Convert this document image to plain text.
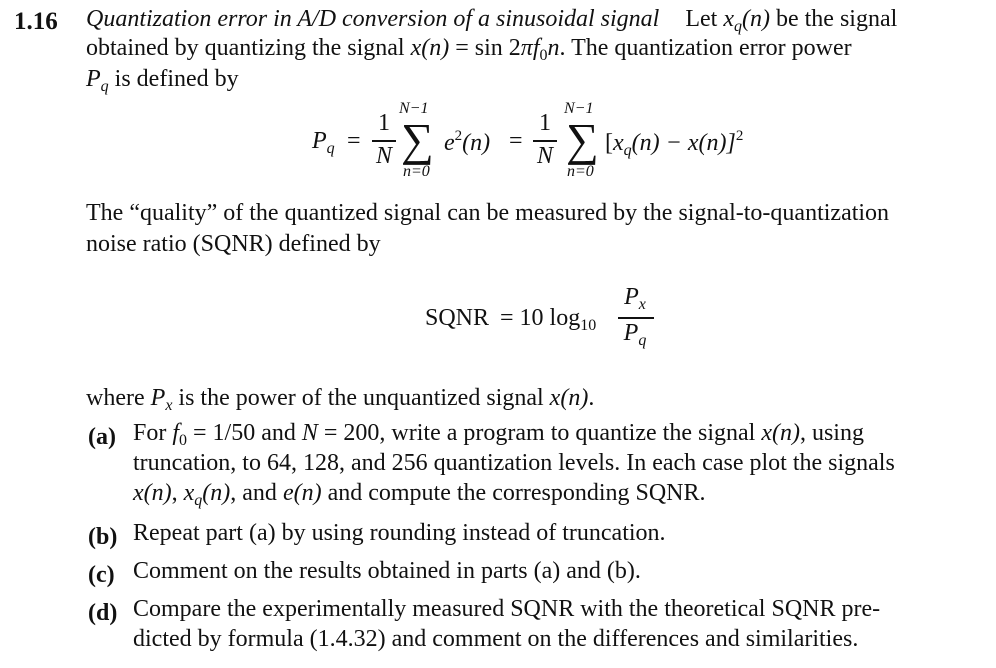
1.16 Quantization error in A/D conversion of a sinusoidal signal Let $x_q(n)$ be the signal
obtained by quantizing the signal $x(n) = \sin 2\pi f_0n$. The quantization error power
$P_q$ is defined by
$P_q$ =
1
N
N−1
∑
n=0
$e^2(n)$ =
1
N
N−1
∑
n=0
$[x_q(n) - x(n)]^2$
The “quality” of the quantized signal can be measured by the signal-to-quantization
noise ratio (SQNR) defined by
SQNR = 10 $\log_{10}$
$P_x$
$P_q$
where $P_x$ is the power of the unquantized signal x(n).
(a) For $f_0 = 1/50$ and N = 200, write a program to quantize the signal x(n), using
truncation, to 64, 128, and 256 quantization levels. In each case plot the signals
x(n), $x_q(n)$, and e(n) and compute the corresponding SQNR.
(b) Repeat part (a) by using rounding instead of truncation.
(c) Comment on the results obtained in parts (a) and (b).
(d) Compare the experimentally measured SQNR with the theoretical SQNR pre-
dicted by formula (1.4.32) and comment on the differences and similarities.
